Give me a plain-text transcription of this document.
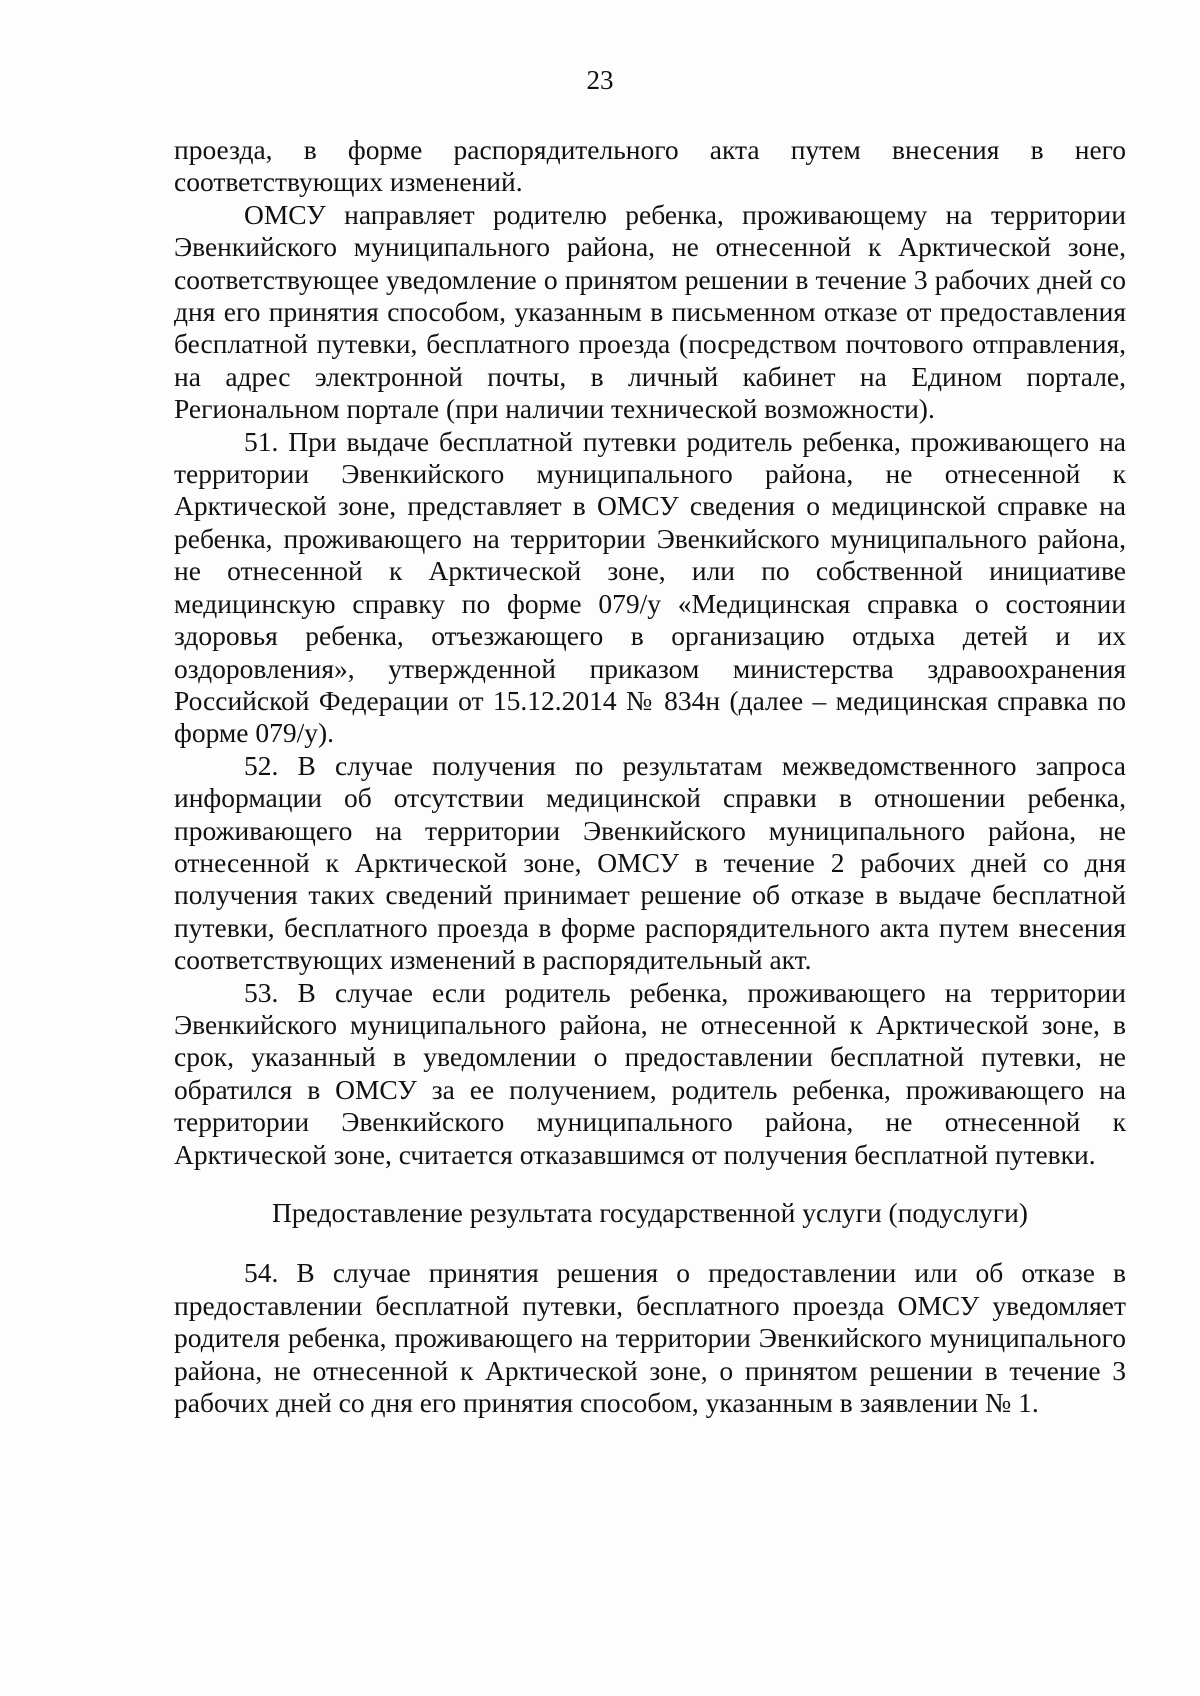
23

проезда, в форме распорядительного акта путем внесения в него соответствующих изменений.

ОМСУ направляет родителю ребенка, проживающему на территории Эвенкийского муниципального района, не отнесенной к Арктической зоне, соответствующее уведомление о принятом решении в течение 3 рабочих дней со дня его принятия способом, указанным в письменном отказе от предоставления бесплатной путевки, бесплатного проезда (посредством почтового отправления, на адрес электронной почты, в личный кабинет на Едином портале, Региональном портале (при наличии технической возможности).

51. При выдаче бесплатной путевки родитель ребенка, проживающего на территории Эвенкийского муниципального района, не отнесенной к Арктической зоне, представляет в ОМСУ сведения о медицинской справке на ребенка, проживающего на территории Эвенкийского муниципального района, не отнесенной к Арктической зоне, или по собственной инициативе медицинскую справку по форме 079/у «Медицинская справка о состоянии здоровья ребенка, отъезжающего в организацию отдыха детей и их оздоровления», утвержденной приказом министерства здравоохранения Российской Федерации от 15.12.2014 № 834н (далее – медицинская справка по форме 079/у).

52. В случае получения по результатам межведомственного запроса информации об отсутствии медицинской справки в отношении ребенка, проживающего на территории Эвенкийского муниципального района, не отнесенной к Арктической зоне, ОМСУ в течение 2 рабочих дней со дня получения таких сведений принимает решение об отказе в выдаче бесплатной путевки, бесплатного проезда в форме распорядительного акта путем внесения соответствующих изменений в распорядительный акт.

53. В случае если родитель ребенка, проживающего на территории Эвенкийского муниципального района, не отнесенной к Арктической зоне, в срок, указанный в уведомлении о предоставлении бесплатной путевки, не обратился в ОМСУ за ее получением, родитель ребенка, проживающего на территории Эвенкийского муниципального района, не отнесенной к Арктической зоне, считается отказавшимся от получения бесплатной путевки.

Предоставление результата государственной услуги (подуслуги)

54. В случае принятия решения о предоставлении или об отказе в предоставлении бесплатной путевки, бесплатного проезда ОМСУ уведомляет родителя ребенка, проживающего на территории Эвенкийского муниципального района, не отнесенной к Арктической зоне, о принятом решении в течение 3 рабочих дней со дня его принятия способом, указанным в заявлении № 1.
